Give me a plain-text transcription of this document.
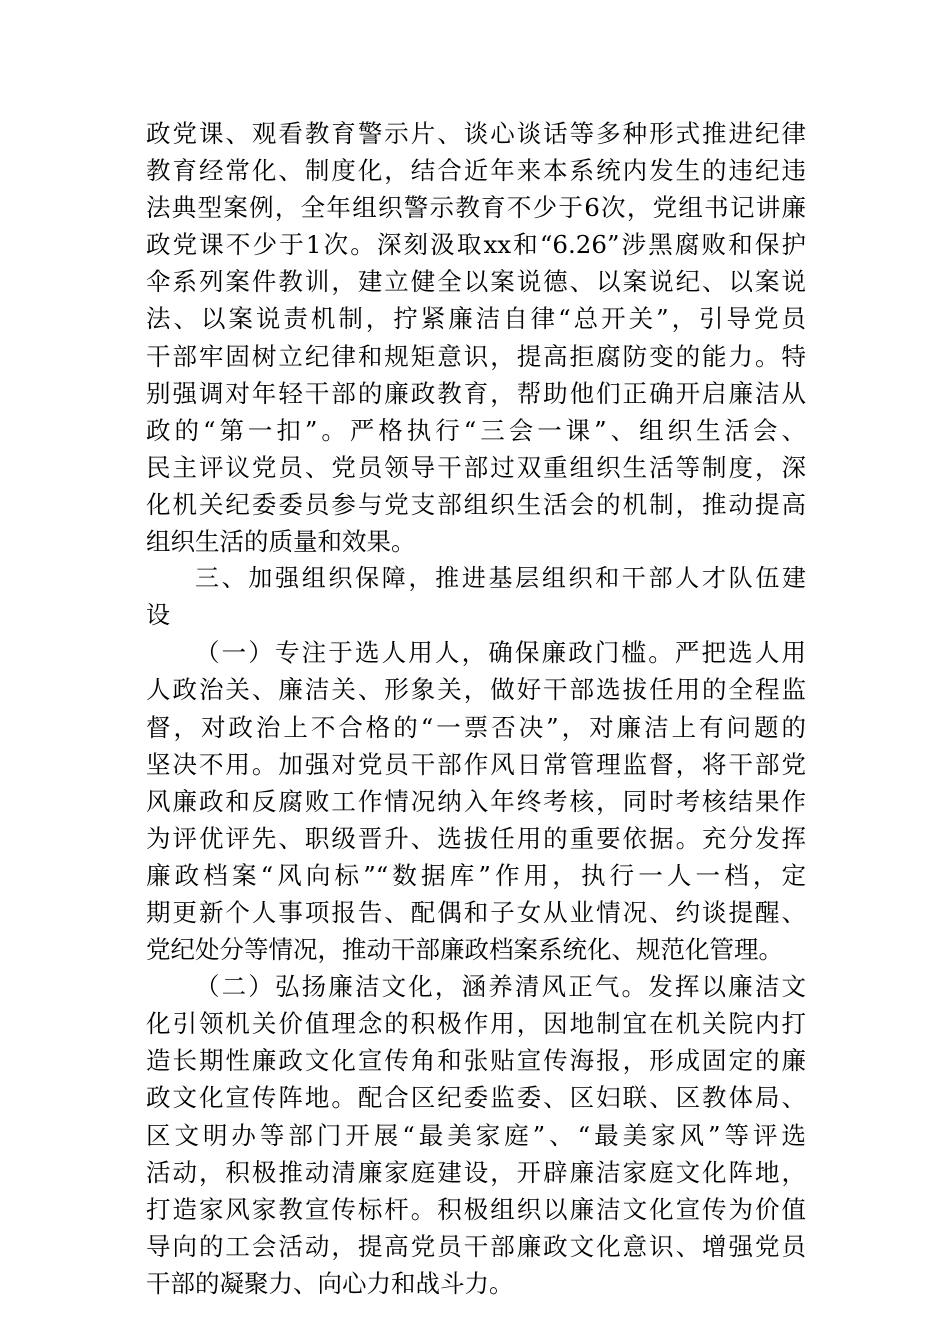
政党课、观看教育警示片、谈心谈话等多种形式推进纪律
教育经常化、制度化，结合近年来本系统内发生的违纪违
法典型案例，全年组织警示教育不少于6次，党组书记讲廉
政党课不少于1次。深刻汲取xx和“6.26”涉黑腐败和保护
伞系列案件教训，建立健全以案说德、以案说纪、以案说
法、以案说责机制，拧紧廉洁自律“总开关”，引导党员
干部牢固树立纪律和规矩意识，提高拒腐防变的能力。特
别强调对年轻干部的廉政教育，帮助他们正确开启廉洁从
政的“第一扣”。严格执行“三会一课”、组织生活会、
民主评议党员、党员领导干部过双重组织生活等制度，深
化机关纪委委员参与党支部组织生活会的机制，推动提高
组织生活的质量和效果。
三、加强组织保障，推进基层组织和干部人才队伍建
设
（一）专注于选人用人，确保廉政门槛。严把选人用
人政治关、廉洁关、形象关，做好干部选拔任用的全程监
督，对政治上不合格的“一票否决”，对廉洁上有问题的
坚决不用。加强对党员干部作风日常管理监督，将干部党
风廉政和反腐败工作情况纳入年终考核，同时考核结果作
为评优评先、职级晋升、选拔任用的重要依据。充分发挥
廉政档案“风向标”“数据库”作用，执行一人一档，定
期更新个人事项报告、配偶和子女从业情况、约谈提醒、
党纪处分等情况，推动干部廉政档案系统化、规范化管理。
（二）弘扬廉洁文化，涵养清风正气。发挥以廉洁文
化引领机关价值理念的积极作用，因地制宜在机关院内打
造长期性廉政文化宣传角和张贴宣传海报，形成固定的廉
政文化宣传阵地。配合区纪委监委、区妇联、区教体局、
区文明办等部门开展“最美家庭”、“最美家风”等评选
活动，积极推动清廉家庭建设，开辟廉洁家庭文化阵地，
打造家风家教宣传标杆。积极组织以廉洁文化宣传为价值
导向的工会活动，提高党员干部廉政文化意识、增强党员
干部的凝聚力、向心力和战斗力。
